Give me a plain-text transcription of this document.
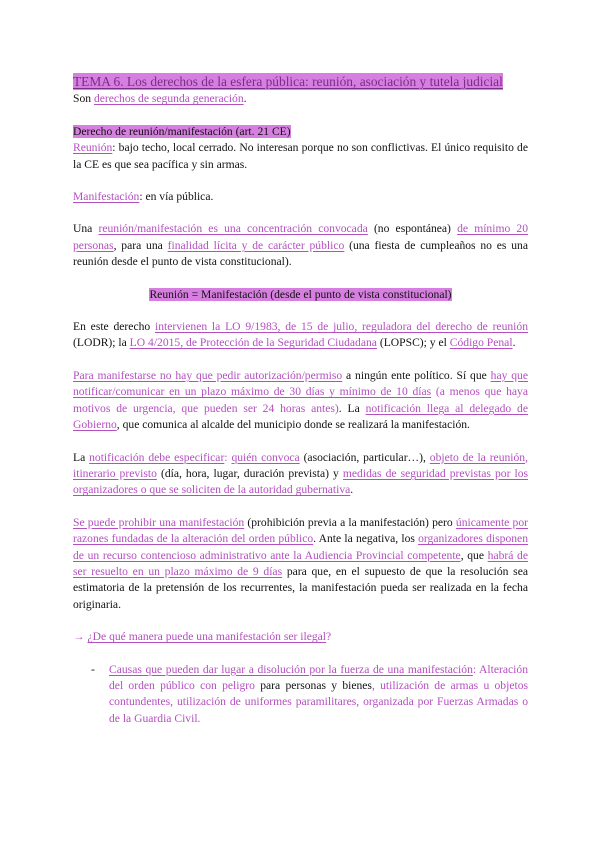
TEMA 6. Los derechos de la esfera pública: reunión, asociación y tutela judicial

Son derechos de segunda generación.

Derecho de reunión/manifestación (art. 21 CE)

Reunión: bajo techo, local cerrado. No interesan porque no son conflictivas. El único requisito de la CE es que sea pacífica y sin armas.

Manifestación: en vía pública.

Una reunión/manifestación es una concentración convocada (no espontánea) de mínimo 20 personas, para una finalidad lícita y de carácter público (una fiesta de cumpleaños no es una reunión desde el punto de vista constitucional).

Reunión = Manifestación (desde el punto de vista constitucional)

En este derecho intervienen la LO 9/1983, de 15 de julio, reguladora del derecho de reunión (LODR); la LO 4/2015, de Protección de la Seguridad Ciudadana (LOPSC); y el Código Penal.

Para manifestarse no hay que pedir autorización/permiso a ningún ente político. Sí que hay que notificar/comunicar en un plazo máximo de 30 días y mínimo de 10 días (a menos que haya motivos de urgencia, que pueden ser 24 horas antes). La notificación llega al delegado de Gobierno, que comunica al alcalde del municipio donde se realizará la manifestación.

La notificación debe especificar: quién convoca (asociación, particular…), objeto de la reunión, itinerario previsto (día, hora, lugar, duración prevista) y medidas de seguridad previstas por los organizadores o que se soliciten de la autoridad gubernativa.

Se puede prohibir una manifestación (prohibición previa a la manifestación) pero únicamente por razones fundadas de la alteración del orden público. Ante la negativa, los organizadores disponen de un recurso contencioso administrativo ante la Audiencia Provincial competente, que habrá de ser resuelto en un plazo máximo de 9 días para que, en el supuesto de que la resolución sea estimatoria de la pretensión de los recurrentes, la manifestación pueda ser realizada en la fecha originaria.

→ ¿De qué manera puede una manifestación ser ilegal?

- Causas que pueden dar lugar a disolución por la fuerza de una manifestación: Alteración del orden público con peligro para personas y bienes, utilización de armas u objetos contundentes, utilización de uniformes paramilitares, organizada por Fuerzas Armadas o de la Guardia Civil.
